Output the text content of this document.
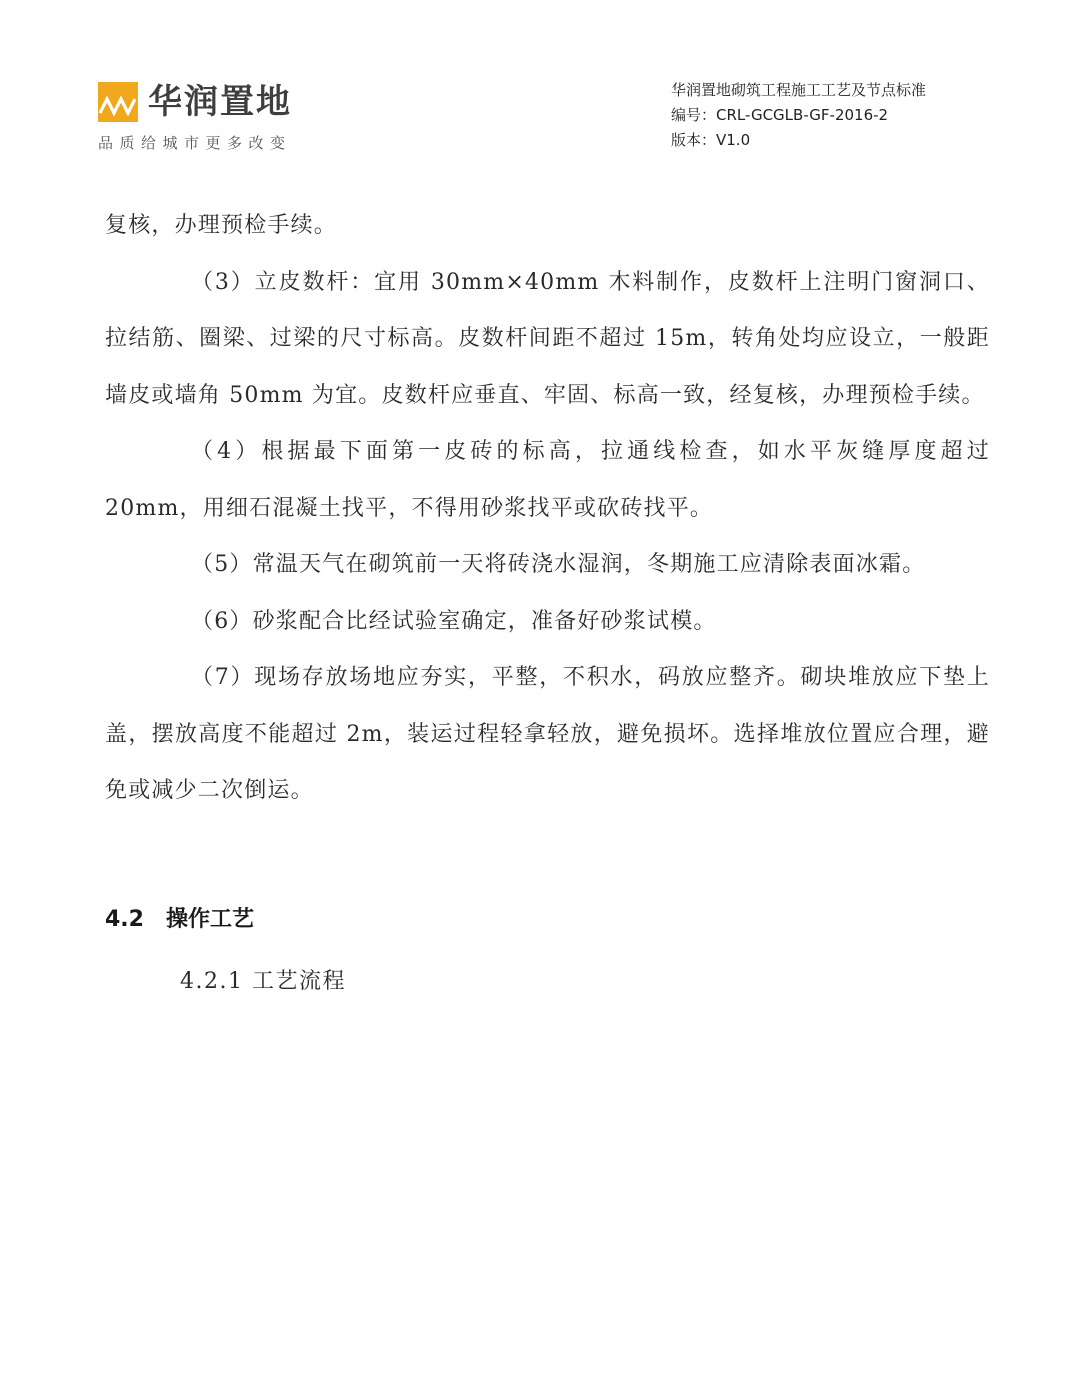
华润置地
品质给城市更多改变
华润置地砌筑工程施工工艺及节点标准
编号：CRL-GCGLB-GF-2016-2
版本：V1.0

复核，办理预检手续。

（3）立皮数杆：宜用 30mm×40mm 木料制作，皮数杆上注明门窗洞口、拉结筋、圈梁、过梁的尺寸标高。皮数杆间距不超过 15m，转角处均应设立，一般距墙皮或墙角 50mm 为宜。皮数杆应垂直、牢固、标高一致，经复核，办理预检手续。

（4）根据最下面第一皮砖的标高，拉通线检查，如水平灰缝厚度超过 20mm，用细石混凝土找平，不得用砂浆找平或砍砖找平。

（5）常温天气在砌筑前一天将砖浇水湿润，冬期施工应清除表面冰霜。

（6）砂浆配合比经试验室确定，准备好砂浆试模。

（7）现场存放场地应夯实，平整，不积水，码放应整齐。砌块堆放应下垫上盖，摆放高度不能超过 2m，装运过程轻拿轻放，避免损坏。选择堆放位置应合理，避免或减少二次倒运。

4.2 操作工艺
4.2.1 工艺流程
